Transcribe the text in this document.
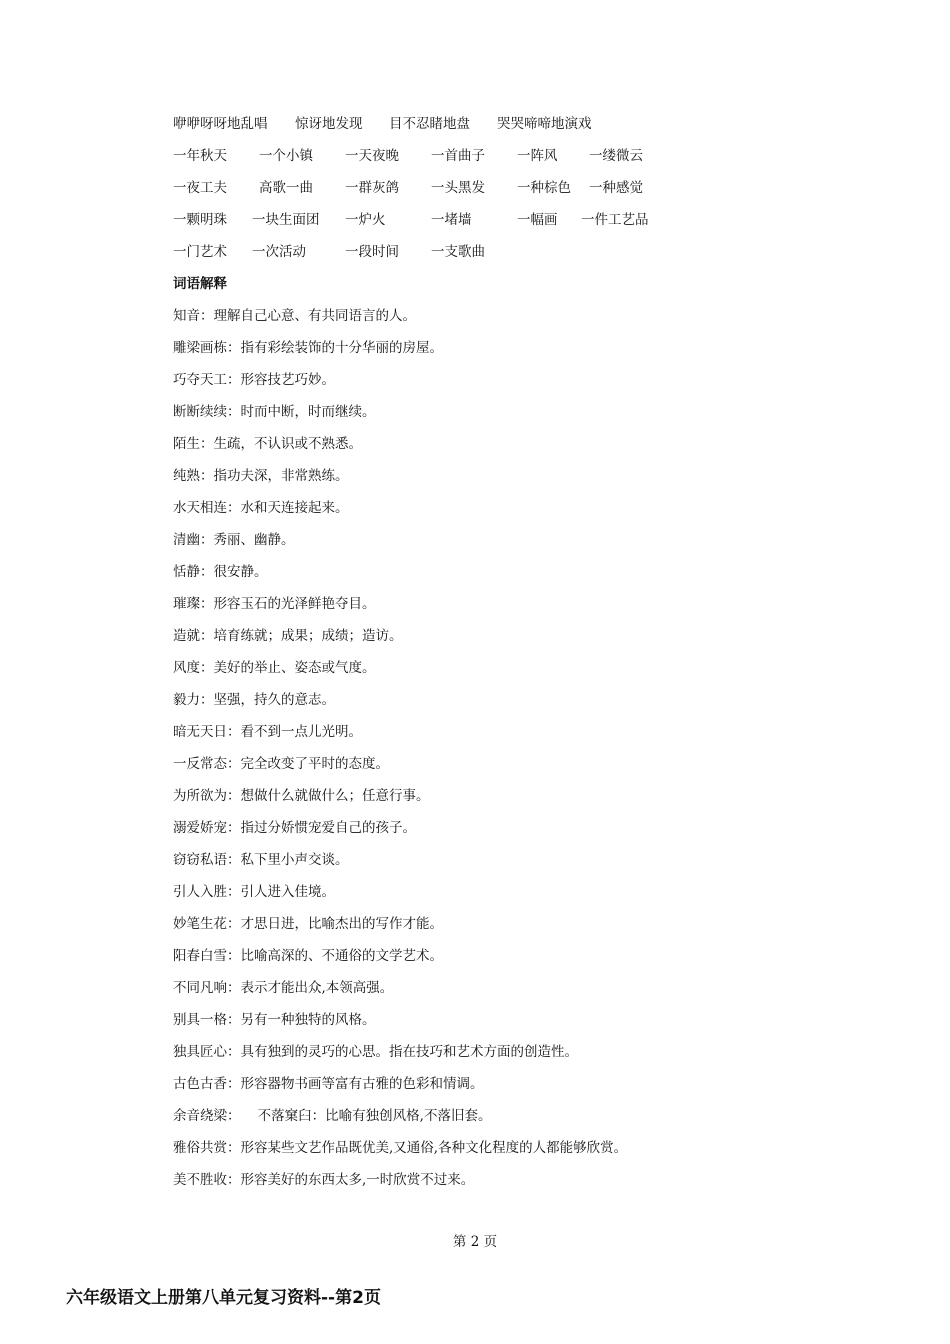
咿咿呀呀地乱唱 惊讶地发现 目不忍睹地盘 哭哭啼啼地演戏
一年秋天 一个小镇 一天夜晚 一首曲子 一阵风 一缕微云
一夜工夫 高歌一曲 一群灰鸽 一头黑发 一种棕色 一种感觉
一颗明珠 一块生面团 一炉火	一堵墙	一幅画 一件工艺品
一门艺术 一次活动	一段时间 一支歌曲
词语解释
知音：理解自己心意、有共同语言的人。
雕梁画栋：指有彩绘装饰的十分华丽的房屋。
巧夺天工：形容技艺巧妙。
断断续续：时而中断，时而继续。
陌生：生疏，不认识或不熟悉。
纯熟：指功夫深，非常熟练。
水天相连：水和天连接起来。
清幽：秀丽、幽静。
恬静：很安静。
璀璨：形容玉石的光泽鲜艳夺目。
造就：培育练就；成果；成绩；造访。
风度：美好的举止、姿态或气度。
毅力：坚强，持久的意志。
暗无天日：看不到一点儿光明。
一反常态：完全改变了平时的态度。
为所欲为：想做什么就做什么；任意行事。
溺爱娇宠：指过分娇惯宠爱自己的孩子。
窃窃私语：私下里小声交谈。
引人入胜：引人进入佳境。
妙笔生花：才思日进，比喻杰出的写作才能。
阳春白雪：比喻高深的、不通俗的文学艺术。
不同凡响：表示才能出众,本领高强。
别具一格：另有一种独特的风格。
独具匠心：具有独到的灵巧的心思。指在技巧和艺术方面的创造性。
古色古香：形容器物书画等富有古雅的色彩和情调。
余音绕梁：    不落窠臼：比喻有独创风格,不落旧套。
雅俗共赏：形容某些文艺作品既优美,又通俗,各种文化程度的人都能够欣赏。
美不胜收：形容美好的东西太多,一时欣赏不过来。
第 2 页
六年级语文上册第八单元复习资料--第2页
